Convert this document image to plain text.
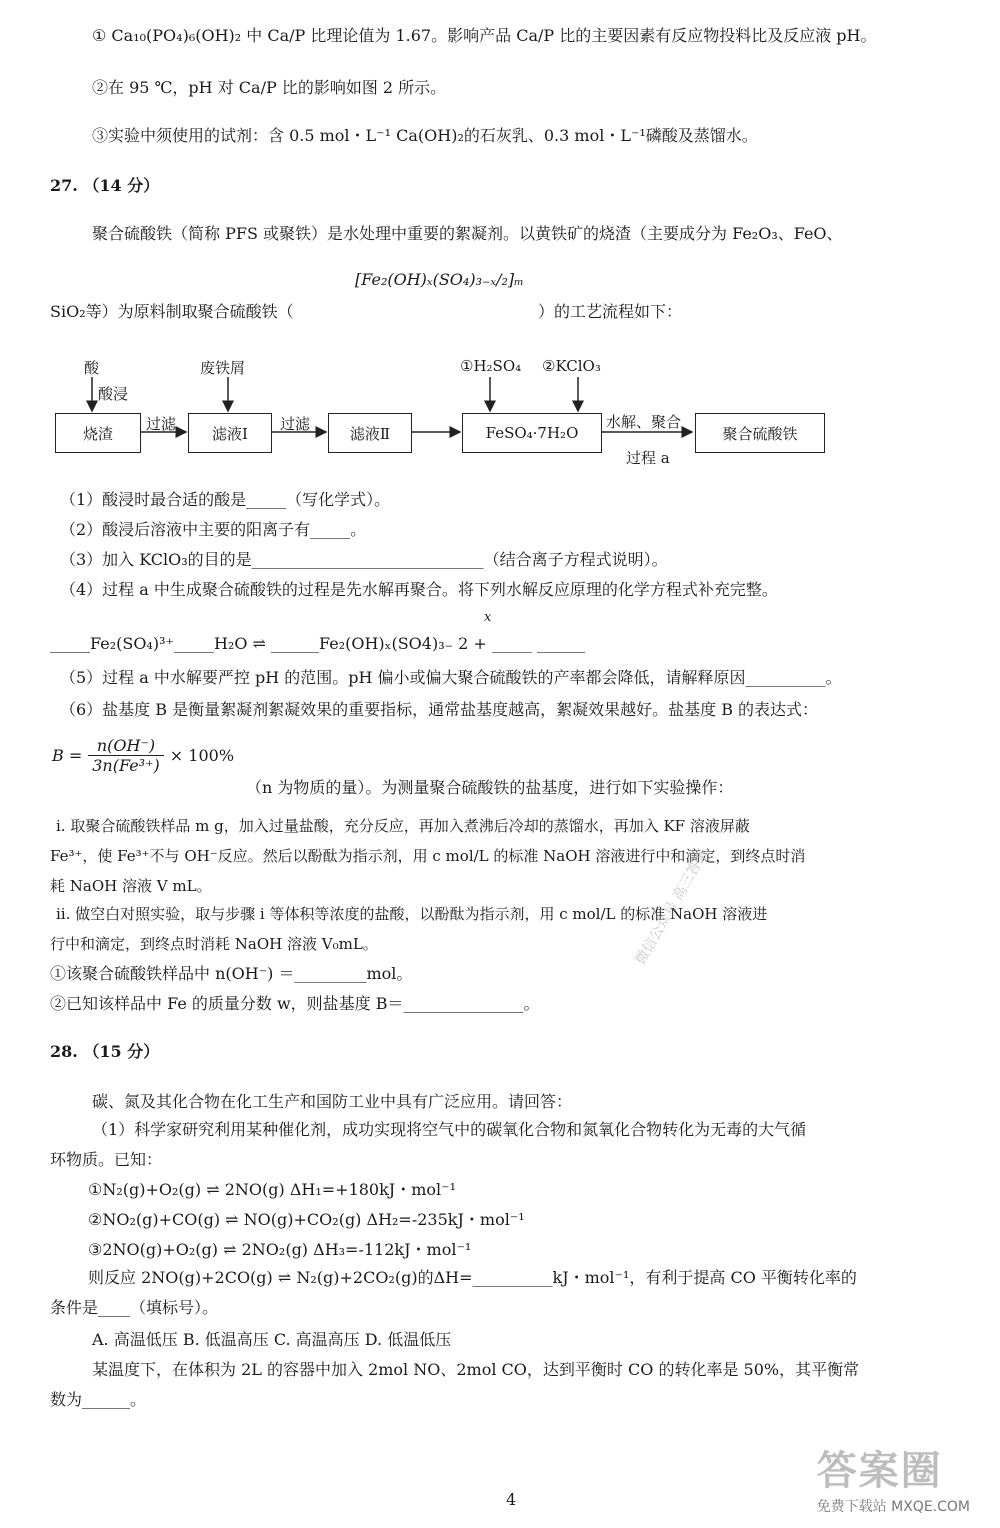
① Ca₁₀(PO₄)₆(OH)₂ 中 Ca/P 比理论值为 1.67。影响产品 Ca/P 比的主要因素有反应物投料比及反应液 pH。
②在 95 ℃，pH 对 Ca/P 比的影响如图 2 所示。
③实验中须使用的试剂：含 0.5 mol・L⁻¹ Ca(OH)₂的石灰乳、0.3 mol・L⁻¹磷酸及蒸馏水。
27. （14 分）
聚合硫酸铁（简称 PFS 或聚铁）是水处理中重要的絮凝剂。以黄铁矿的烧渣（主要成分为 Fe₂O₃、FeO、
[Fe₂(OH)ₓ(SO₄)₃₋ₓ/₂]ₘ
SiO₂等）为原料制取聚合硫酸铁（	）的工艺流程如下：
酸
酸浸
废铁屑
过滤	过滤
①H₂SO₄ ②KClO₃
水解、聚合
过程 a
烧渣	滤液Ⅰ	滤液Ⅱ	FeSO₄·7H₂O	聚合硫酸铁
（1）酸浸时最合适的酸是_____（写化学式）。
（2）酸浸后溶液中主要的阳离子有_____。
（3）加入 KClO₃的目的是_____________________________（结合离子方程式说明）。
（4）过程 a 中生成聚合硫酸铁的过程是先水解再聚合。将下列水解反应原理的化学方程式补充完整。
x
_____Fe₂(SO₄)³⁺_____H₂O ⇌ ______Fe₂(OH)ₓ(SO4)₃₋ 2 + _____ ______
（5）过程 a 中水解要严控 pH 的范围。pH 偏小或偏大聚合硫酸铁的产率都会降低，请解释原因__________。
（6）盐基度 B 是衡量絮凝剂絮凝效果的重要指标，通常盐基度越高，絮凝效果越好。盐基度 B 的表达式：
$B = \frac{n(OH^-)}{\text{3n(Fe³⁺)}} \times 100\%$
（n 为物质的量）。为测量聚合硫酸铁的盐基度，进行如下实验操作：
ⅰ. 取聚合硫酸铁样品 m g，加入过量盐酸，充分反应，再加入煮沸后冷却的蒸馏水，再加入 KF 溶液屏蔽
Fe³⁺，使 Fe³⁺不与 OH⁻反应。然后以酚酞为指示剂，用 c mol/L 的标准 NaOH 溶液进行中和滴定，到终点时消
耗 NaOH 溶液 V mL。
ⅱ. 做空白对照实验，取与步骤 i 等体积等浓度的盐酸，以酚酞为指示剂，用 c mol/L 的标准 NaOH 溶液进
行中和滴定，到终点时消耗 NaOH 溶液 V₀mL。
①该聚合硫酸铁样品中 n(OH⁻) ＝_________mol。
②已知该样品中 Fe 的质量分数 w，则盐基度 B＝_______________。
28. （15 分）
碳、氮及其化合物在化工生产和国防工业中具有广泛应用。请回答：
（1）科学家研究利用某种催化剂，成功实现将空气中的碳氧化合物和氮氧化合物转化为无毒的大气循
环物质。已知：
①N₂(g)+O₂(g) ⇌ 2NO(g) ΔH₁=+180kJ・mol⁻¹
②NO₂(g)+CO(g) ⇌ NO(g)+CO₂(g) ΔH₂=-235kJ・mol⁻¹
③2NO(g)+O₂(g) ⇌ 2NO₂(g) ΔH₃=-112kJ・mol⁻¹
则反应 2NO(g)+2CO(g) ⇌ N₂(g)+2CO₂(g)的ΔH=__________kJ・mol⁻¹，有利于提高 CO 平衡转化率的
条件是____（填标号）。
A. 高温低压 B. 低温高压 C. 高温高压 D. 低温低压
某温度下，在体积为 2L 的容器中加入 2mol NO、2mol CO，达到平衡时 CO 的转化率是 50%，其平衡常
数为______。
4
微信公众号 高三答案
答案圈
免费下载站 MXQE.COM
